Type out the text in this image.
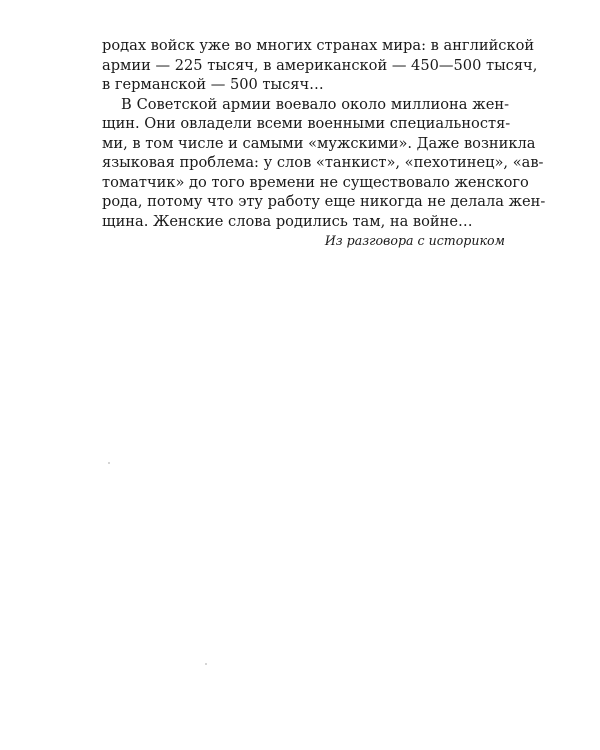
родах войск уже во многих странах мира: в английской
армии — 225 тысяч, в американской — 450—500 тысяч,
в германской — 500 тысяч…
В Советской армии воевало около миллиона жен-
щин. Они овладели всеми военными специальностя-
ми, в том числе и самыми «мужскими». Даже возникла
языковая проблема: у слов «танкист», «пехотинец», «ав-
томатчик» до того времени не существовало женского
рода, потому что эту работу еще никогда не делала жен-
щина. Женские слова родились там, на войне…
Из разговора с историком
